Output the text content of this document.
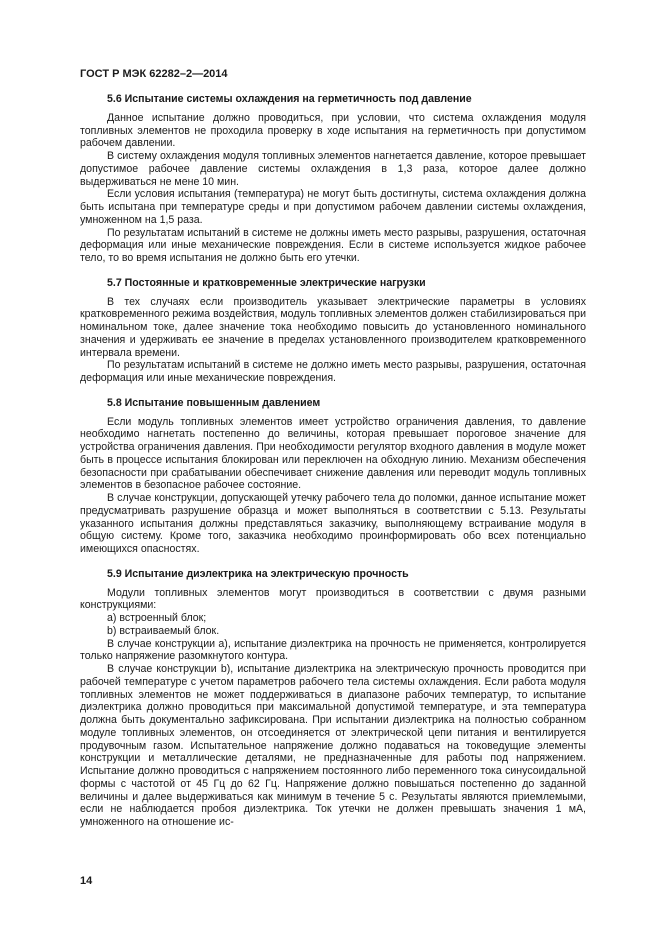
ГОСТ Р МЭК 62282–2—2014
5.6 Испытание системы охлаждения на герметичность под давление

Данное испытание должно проводиться, при условии, что система охлаждения модуля топливных элементов не проходила проверку в ходе испытания на герметичность при допустимом рабочем давлении.

В систему охлаждения модуля топливных элементов нагнетается давление, которое превышает допустимое рабочее давление системы охлаждения в 1,3 раза, которое далее должно выдерживаться не мене 10 мин.

Если условия испытания (температура) не могут быть достигнуты, система охлаждения должна быть испытана при температуре среды и при допустимом рабочем давлении системы охлаждения, умноженном на 1,5 раза.

По результатам испытаний в системе не должны иметь место разрывы, разрушения, остаточная деформация или иные механические повреждения. Если в системе используется жидкое рабочее тело, то во время испытания не должно быть его утечки.

5.7 Постоянные и кратковременные электрические нагрузки

В тех случаях если производитель указывает электрические параметры в условиях кратковременного режима воздействия, модуль топливных элементов должен стабилизироваться при номинальном токе, далее значение тока необходимо повысить до установленного номинального значения и удерживать ее значение в пределах установленного производителем кратковременного интервала времени.

По результатам испытаний в системе не должно иметь место разрывы, разрушения, остаточная деформация или иные механические повреждения.

5.8 Испытание повышенным давлением

Если модуль топливных элементов имеет устройство ограничения давления, то давление необходимо нагнетать постепенно до величины, которая превышает пороговое значение для устройства ограничения давления. При необходимости регулятор входного давления в модуле может быть в процессе испытания блокирован или переключен на обходную линию. Механизм обеспечения безопасности при срабатывании обеспечивает снижение давления или переводит модуль топливных элементов в безопасное рабочее состояние.

В случае конструкции, допускающей утечку рабочего тела до поломки, данное испытание может предусматривать разрушение образца и может выполняться в соответствии с 5.13. Результаты указанного испытания должны представляться заказчику, выполняющему встраивание модуля в общую систему. Кроме того, заказчика необходимо проинформировать обо всех потенциально имеющихся опасностях.

5.9 Испытание диэлектрика на электрическую прочность

Модули топливных элементов могут производиться в соответствии с двумя разными конструкциями:

a) встроенный блок;

b) встраиваемый блок.

В случае конструкции a), испытание диэлектрика на прочность не применяется, контролируется только напряжение разомкнутого контура.

В случае конструкции b), испытание диэлектрика на электрическую прочность проводится при рабочей температуре с учетом параметров рабочего тела системы охлаждения. Если работа модуля топливных элементов не может поддерживаться в диапазоне рабочих температур, то испытание диэлектрика должно проводиться при максимальной допустимой температуре, и эта температура должна быть документально зафиксирована. При испытании диэлектрика на полностью собранном модуле топливных элементов, он отсоединяется от электрической цепи питания и вентилируется продувочным газом. Испытательное напряжение должно подаваться на токоведущие элементы конструкции и металлические деталями, не предназначенные для работы под напряжением. Испытание должно проводиться с напряжением постоянного либо переменного тока синусоидальной формы с частотой от 45 Гц до 62 Гц. Напряжение должно повышаться постепенно до заданной величины и далее выдерживаться как минимум в течение 5 с. Результаты являются приемлемыми, если не наблюдается пробоя диэлектрика. Ток утечки не должен превышать значения 1 мА, умноженного на отношение ис-

14
